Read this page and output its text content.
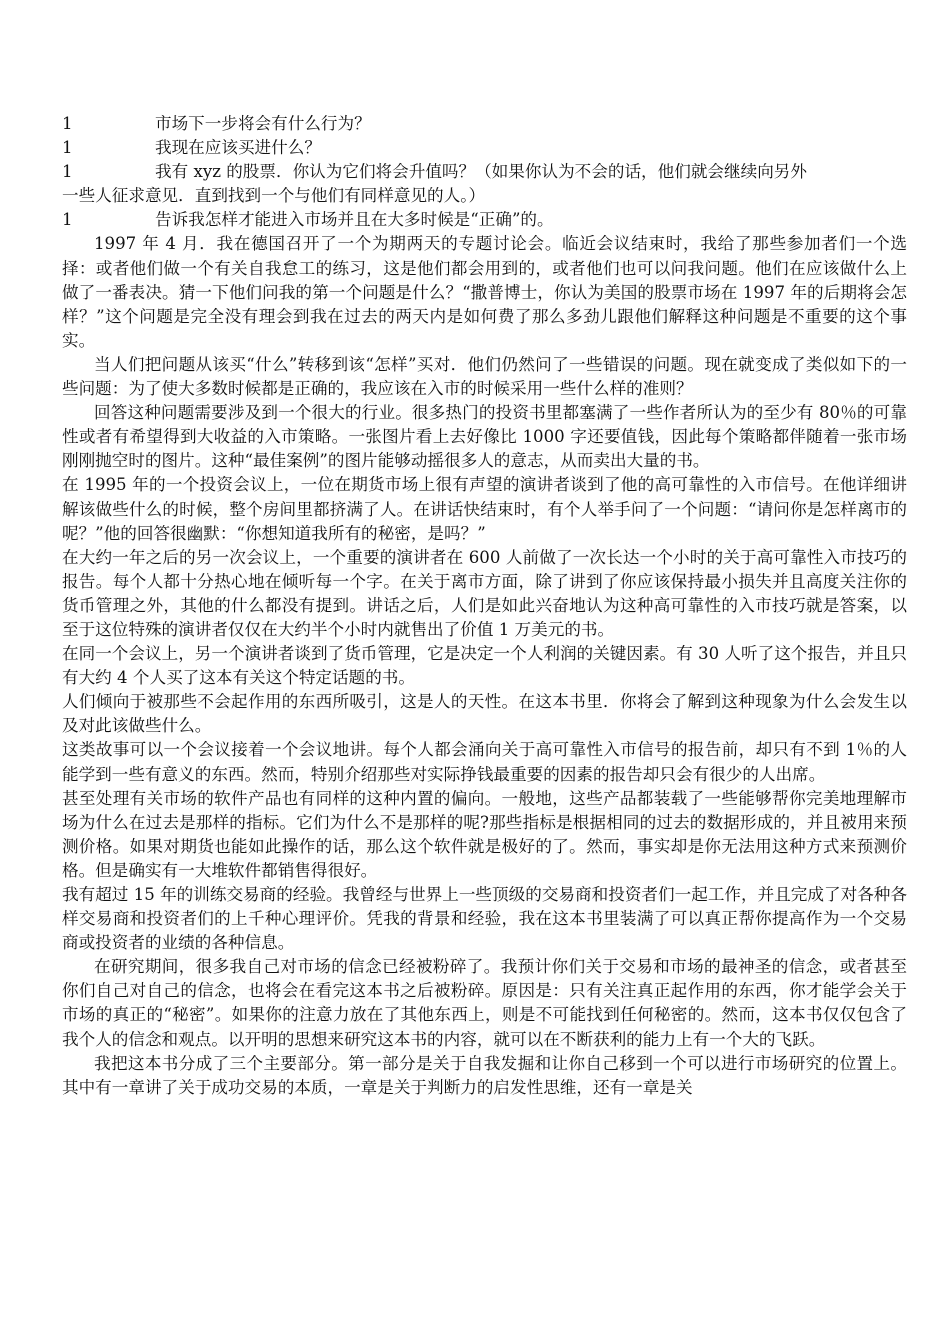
1	市场下一步将会有什么行为？
1	我现在应该买进什么？
1	我有 xyz 的股票．你认为它们将会升值吗？（如果你认为不会的话，他们就会继续向另外
一些人征求意见．直到找到一个与他们有同样意见的人。）
1	告诉我怎样才能进入市场并且在大多时候是“正确”的。

1997 年 4 月．我在德国召开了一个为期两天的专题讨论会。临近会议结束时，我给了那些参加者们一个选择：或者他们做一个有关自我怠工的练习，这是他们都会用到的，或者他们也可以问我问题。他们在应该做什么上做了一番表决。猜一下他们问我的第一个问题是什么？“撒普博士，你认为美国的股票市场在 1997 年的后期将会怎样？”这个问题是完全没有理会到我在过去的两天内是如何费了那么多劲儿跟他们解释这种问题是不重要的这个事实。

当人们把问题从该买“什么”转移到该“怎样”买对．他们仍然问了一些错误的问题。现在就变成了类似如下的一些问题：为了使大多数时候都是正确的，我应该在入市的时候采用一些什么样的准则？

回答这种问题需要涉及到一个很大的行业。很多热门的投资书里都塞满了一些作者所认为的至少有 80％的可靠性或者有希望得到大收益的入市策略。一张图片看上去好像比 1000 字还要值钱，因此每个策略都伴随着一张市场刚刚抛空时的图片。这种“最佳案例”的图片能够动摇很多人的意志，从而卖出大量的书。

在 1995 年的一个投资会议上，一位在期货市场上很有声望的演讲者谈到了他的高可靠性的入市信号。在他详细讲解该做些什么的时候，整个房间里都挤满了人。在讲话快结束时，有个人举手问了一个问题：“请问你是怎样离市的呢？”他的回答很幽默：“你想知道我所有的秘密，是吗？”

在大约一年之后的另一次会议上，一个重要的演讲者在 600 人前做了一次长达一个小时的关于高可靠性入市技巧的报告。每个人都十分热心地在倾听每一个字。在关于离市方面，除了讲到了你应该保持最小损失并且高度关注你的货币管理之外，其他的什么都没有提到。讲话之后，人们是如此兴奋地认为这种高可靠性的入市技巧就是答案，以至于这位特殊的演讲者仅仅在大约半个小时内就售出了价值 1 万美元的书。

在同一个会议上，另一个演讲者谈到了货币管理，它是决定一个人利润的关键因素。有 30 人听了这个报告，并且只有大约 4 个人买了这本有关这个特定话题的书。

人们倾向于被那些不会起作用的东西所吸引，这是人的天性。在这本书里．你将会了解到这种现象为什么会发生以及对此该做些什么。

这类故事可以一个会议接着一个会议地讲。每个人都会涌向关于高可靠性入市信号的报告前，却只有不到 1％的人能学到一些有意义的东西。然而，特别介绍那些对实际挣钱最重要的因素的报告却只会有很少的人出席。

甚至处理有关市场的软件产品也有同样的这种内置的偏向。一般地，这些产品都装载了一些能够帮你完美地理解市场为什么在过去是那样的指标。它们为什么不是那样的呢?那些指标是根据相同的过去的数据形成的，并且被用来预测价格。如果对期货也能如此操作的话，那么这个软件就是极好的了。然而，事实却是你无法用这种方式来预测价格。但是确实有一大堆软件都销售得很好。

我有超过 15 年的训练交易商的经验。我曾经与世界上一些顶级的交易商和投资者们一起工作，并且完成了对各种各样交易商和投资者们的上千种心理评价。凭我的背景和经验，我在这本书里装满了可以真正帮你提高作为一个交易商或投资者的业绩的各种信息。

在研究期间，很多我自己对市场的信念已经被粉碎了。我预计你们关于交易和市场的最神圣的信念，或者甚至你们自己对自己的信念，也将会在看完这本书之后被粉碎。原因是：只有关注真正起作用的东西，你才能学会关于市场的真正的“秘密”。如果你的注意力放在了其他东西上，则是不可能找到任何秘密的。然而，这本书仅仅包含了我个人的信念和观点。以开明的思想来研究这本书的内容，就可以在不断获利的能力上有一个大的飞跃。

我把这本书分成了三个主要部分。第一部分是关于自我发掘和让你自己移到一个可以进行市场研究的位置上。其中有一章讲了关于成功交易的本质，一章是关于判断力的启发性思维，还有一章是关
